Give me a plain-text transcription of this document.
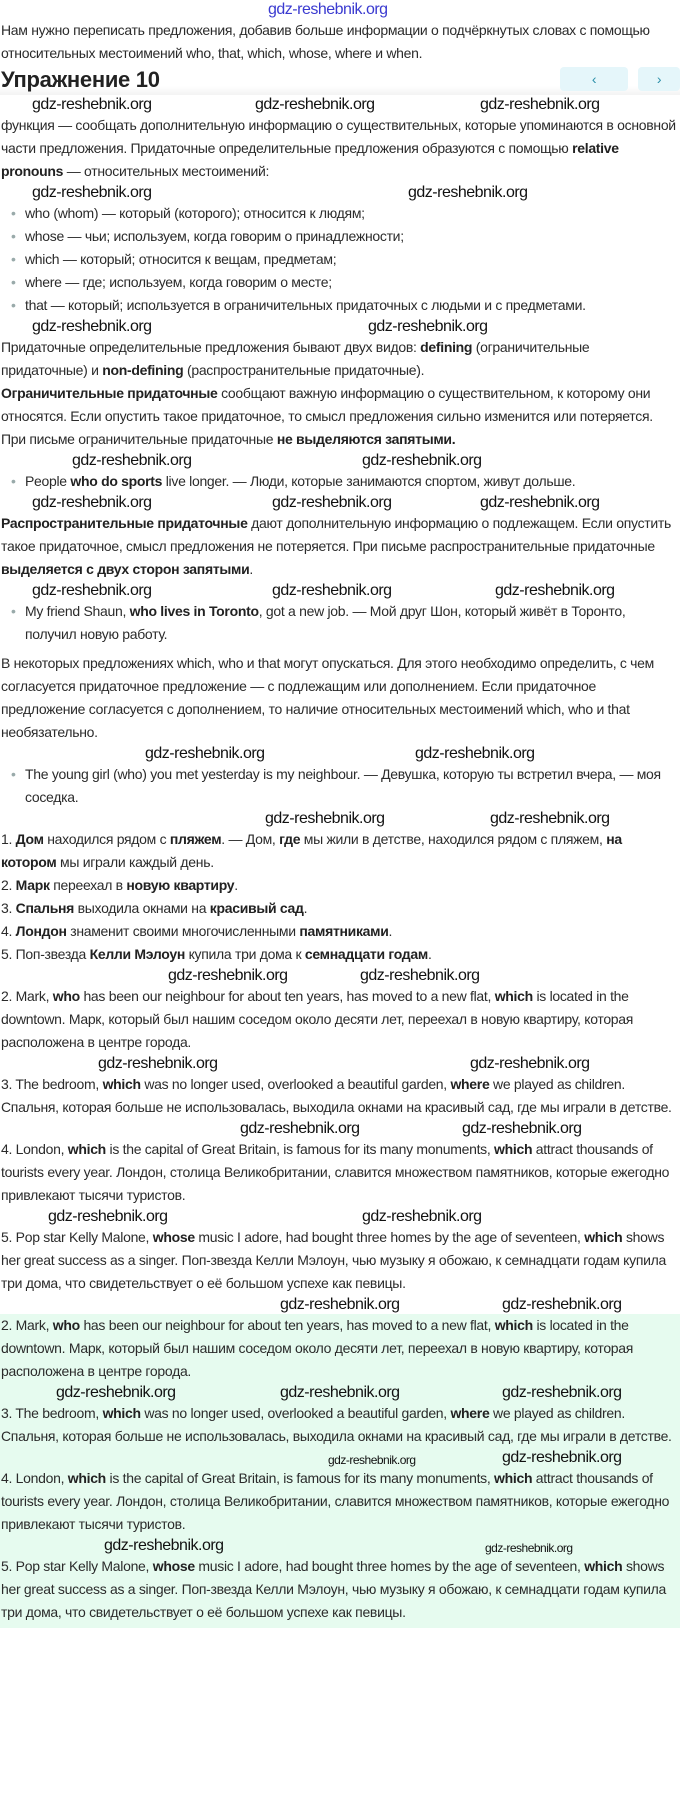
gdz-reshebnik.org
Нам нужно переписать предложения, добавив больше информации о подчёркнутых словах с помощью относительных местоимений who, that, which, whose, where и when.
Упражнение 10	‹	›
gdz-reshebnik.org	gdz-reshebnik.org	gdz-reshebnik.org
функция — сообщать дополнительную информацию о существительных, которые упоминаются в основной части предложения. Придаточные определительные предложения образуются с помощью relative pronouns — относительных местоимений:
gdz-reshebnik.org	gdz-reshebnik.org
• who (whom) — который (которого); относится к людям;
• whose — чьи; используем, когда говорим о принадлежности;
• which — который; относится к вещам, предметам;
• where — где; используем, когда говорим о месте;
• that — который; используется в ограничительных придаточных с людьми и с предметами.
gdz-reshebnik.org	gdz-reshebnik.org
Придаточные определительные предложения бывают двух видов: defining (ограничительные придаточные) и non-defining (распространительные придаточные).
Ограничительные придаточные сообщают важную информацию о существительном, к которому они относятся. Если опустить такое придаточное, то смысл предложения сильно изменится или потеряется. При письме ограничительные придаточные не выделяются запятыми.
gdz-reshebnik.org	gdz-reshebnik.org
• People who do sports live longer. — Люди, которые занимаются спортом, живут дольше.
gdz-reshebnik.org	gdz-reshebnik.org	gdz-reshebnik.org
Распространительные придаточные дают дополнительную информацию о подлежащем. Если опустить такое придаточное, смысл предложения не потеряется. При письме распространительные придаточные выделяется с двух сторон запятыми.
gdz-reshebnik.org	gdz-reshebnik.org	gdz-reshebnik.org
• My friend Shaun, who lives in Toronto, got a new job. — Мой друг Шон, который живёт в Торонто, получил новую работу.
В некоторых предложениях which, who и that могут опускаться. Для этого необходимо определить, с чем согласуется придаточное предложение — с подлежащим или дополнением. Если придаточное предложение согласуется с дополнением, то наличие относительных местоимений which, who и that необязательно.
gdz-reshebnik.org	gdz-reshebnik.org
• The young girl (who) you met yesterday is my neighbour. — Девушка, которую ты встретил вчера, — моя соседка.
gdz-reshebnik.org	gdz-reshebnik.org
1. Дом находился рядом с пляжем. — Дом, где мы жили в детстве, находился рядом с пляжем, на котором мы играли каждый день.
2. Марк переехал в новую квартиру.
3. Спальня выходила окнами на красивый сад.
4. Лондон знаменит своими многочисленными памятниками.
5. Поп-звезда Келли Мэлоун купила три дома к семнадцати годам.
gdz-reshebnik.org	gdz-reshebnik.org
2. Mark, who has been our neighbour for about ten years, has moved to a new flat, which is located in the downtown. Марк, который был нашим соседом около десяти лет, переехал в новую квартиру, которая расположена в центре города.
gdz-reshebnik.org	gdz-reshebnik.org
3. The bedroom, which was no longer used, overlooked a beautiful garden, where we played as children. Спальня, которая больше не использовалась, выходила окнами на красивый сад, где мы играли в детстве.
gdz-reshebnik.org	gdz-reshebnik.org
4. London, which is the capital of Great Britain, is famous for its many monuments, which attract thousands of tourists every year. Лондон, столица Великобритании, славится множеством памятников, которые ежегодно привлекают тысячи туристов.
gdz-reshebnik.org	gdz-reshebnik.org
5. Pop star Kelly Malone, whose music I adore, had bought three homes by the age of seventeen, which shows her great success as a singer. Поп-звезда Келли Мэлоун, чью музыку я обожаю, к семнадцати годам купила три дома, что свидетельствует о её большом успехе как певицы.
gdz-reshebnik.org	gdz-reshebnik.org
2. Mark, who has been our neighbour for about ten years, has moved to a new flat, which is located in the downtown. Марк, который был нашим соседом около десяти лет, переехал в новую квартиру, которая расположена в центре города.
gdz-reshebnik.org	gdz-reshebnik.org	gdz-reshebnik.org
3. The bedroom, which was no longer used, overlooked a beautiful garden, where we played as children. Спальня, которая больше не использовалась, выходила окнами на красивый сад, где мы играли в детстве.
gdz-reshebnik.org	gdz-reshebnik.org
4. London, which is the capital of Great Britain, is famous for its many monuments, which attract thousands of tourists every year. Лондон, столица Великобритании, славится множеством памятников, которые ежегодно привлекают тысячи туристов.
gdz-reshebnik.org	gdz-reshebnik.org
5. Pop star Kelly Malone, whose music I adore, had bought three homes by the age of seventeen, which shows her great success as a singer. Поп-звезда Келли Мэлоун, чью музыку я обожаю, к семнадцати годам купила три дома, что свидетельствует о её большом успехе как певицы.
